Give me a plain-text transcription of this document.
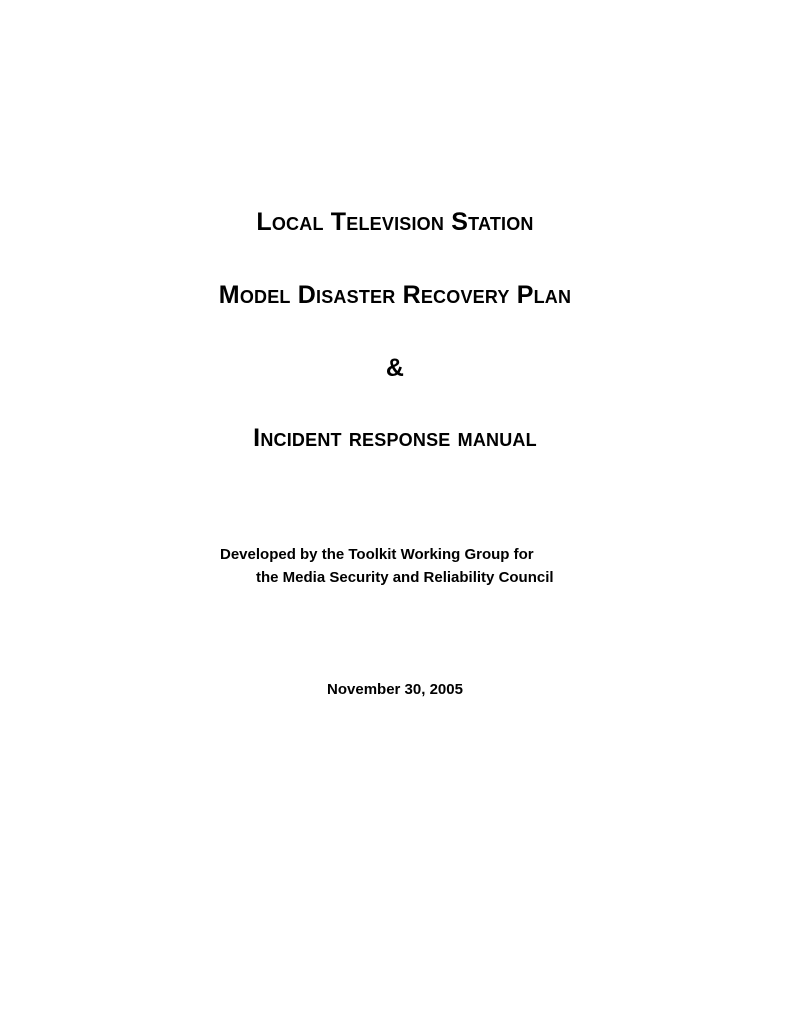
Local Television Station
Model Disaster Recovery Plan
&
Incident response manual
Developed by the Toolkit Working Group for
the Media Security and Reliability Council
November 30, 2005
